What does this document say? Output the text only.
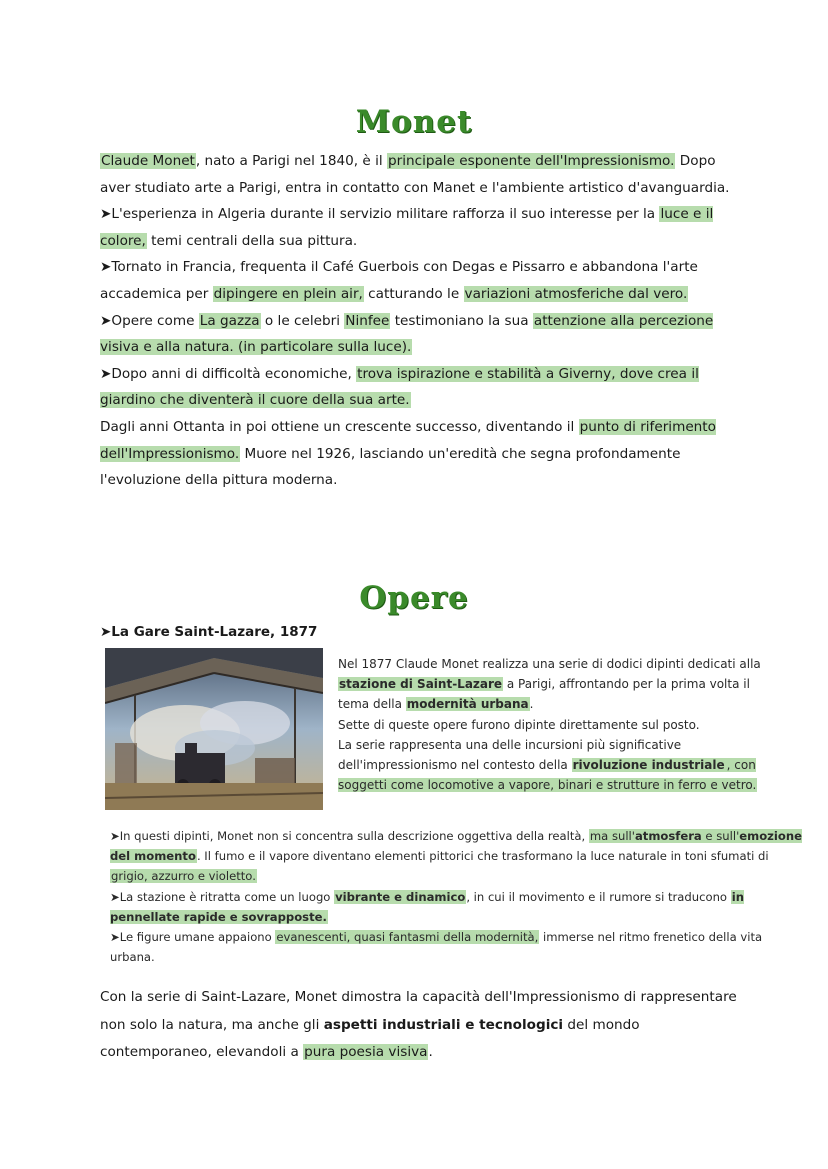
Monet
Claude Monet, nato a Parigi nel 1840, è il principale esponente dell'Impressionismo. Dopo aver studiato arte a Parigi, entra in contatto con Manet e l'ambiente artistico d'avanguardia.
➤L'esperienza in Algeria durante il servizio militare rafforza il suo interesse per la luce e il colore, temi centrali della sua pittura.
➤Tornato in Francia, frequenta il Café Guerbois con Degas e Pissarro e abbandona l'arte accademica per dipingere en plein air, catturando le variazioni atmosferiche dal vero.
➤Opere come La gazza o le celebri Ninfee testimoniano la sua attenzione alla percezione visiva e alla natura. (in particolare sulla luce).
➤Dopo anni di difficoltà economiche, trova ispirazione e stabilità a Giverny, dove crea il giardino che diventerà il cuore della sua arte.
Dagli anni Ottanta in poi ottiene un crescente successo, diventando il punto di riferimento dell'Impressionismo. Muore nel 1926, lasciando un'eredità che segna profondamente l'evoluzione della pittura moderna.
Opere
➤La Gare Saint-Lazare, 1877
Nel 1877 Claude Monet realizza una serie di dodici dipinti dedicati alla stazione di Saint-Lazare a Parigi, affrontando per la prima volta il tema della modernità urbana.
Sette di queste opere furono dipinte direttamente sul posto.
La serie rappresenta una delle incursioni più significative dell'impressionismo nel contesto della rivoluzione industriale , con soggetti come locomotive a vapore, binari e strutture in ferro e vetro.
➤In questi dipinti, Monet non si concentra sulla descrizione oggettiva della realtà, ma sull'atmosfera e sull'emozione del momento. Il fumo e il vapore diventano elementi pittorici che trasformano la luce naturale in toni sfumati di grigio, azzurro e violetto.
➤La stazione è ritratta come un luogo vibrante e dinamico, in cui il movimento e il rumore si traducono in pennellate rapide e sovrapposte.
➤Le figure umane appaiono evanescenti, quasi fantasmi della modernità, immerse nel ritmo frenetico della vita urbana.
Con la serie di Saint-Lazare, Monet dimostra la capacità dell'Impressionismo di rappresentare non solo la natura, ma anche gli aspetti industriali e tecnologici del mondo contemporaneo, elevandoli a pura poesia visiva.
